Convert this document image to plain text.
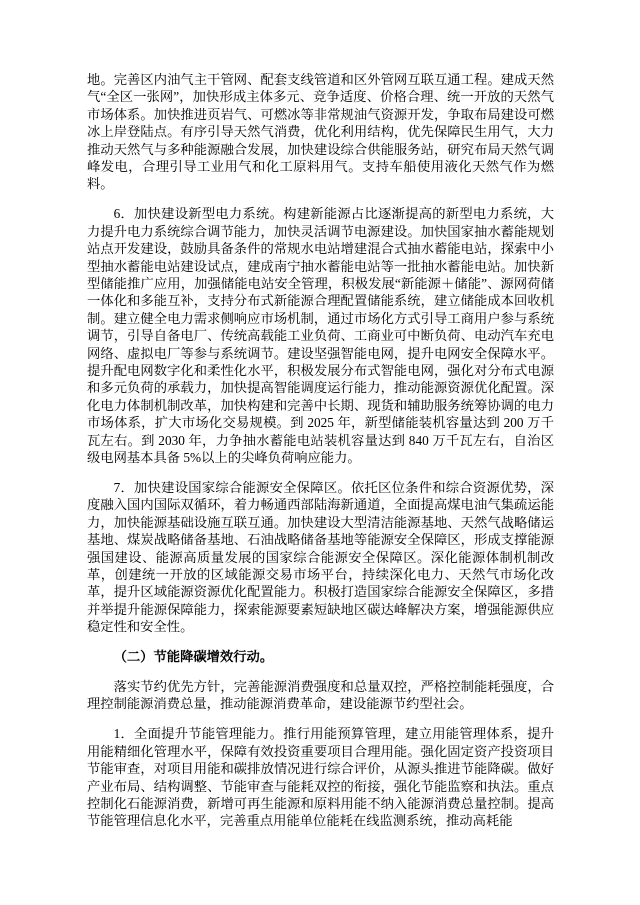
地。完善区内油气主干管网、配套支线管道和区外管网互联互通工程。建成天然气“全区一张网”，加快形成主体多元、竞争适度、价格合理、统一开放的天然气市场体系。加快推进页岩气、可燃冰等非常规油气资源开发，争取布局建设可燃冰上岸登陆点。有序引导天然气消费，优化利用结构，优先保障民生用气，大力推动天然气与多种能源融合发展，加快建设综合供能服务站，研究布局天然气调峰发电，合理引导工业用气和化工原料用气。支持车船使用液化天然气作为燃料。

6．加快建设新型电力系统。构建新能源占比逐渐提高的新型电力系统，大力提升电力系统综合调节能力，加快灵活调节电源建设。加快国家抽水蓄能规划站点开发建设，鼓励具备条件的常规水电站增建混合式抽水蓄能电站，探索中小型抽水蓄能电站建设试点，建成南宁抽水蓄能电站等一批抽水蓄能电站。加快新型储能推广应用，加强储能电站安全管理，积极发展“新能源＋储能”、源网荷储一体化和多能互补，支持分布式新能源合理配置储能系统，建立储能成本回收机制。建立健全电力需求侧响应市场机制，通过市场化方式引导工商用户参与系统调节，引导自备电厂、传统高载能工业负荷、工商业可中断负荷、电动汽车充电网络、虚拟电厂等参与系统调节。建设坚强智能电网，提升电网安全保障水平。提升配电网数字化和柔性化水平，积极发展分布式智能电网，强化对分布式电源和多元负荷的承载力，加快提高智能调度运行能力，推动能源资源优化配置。深化电力体制机制改革，加快构建和完善中长期、现货和辅助服务统筹协调的电力市场体系，扩大市场化交易规模。到 2025 年，新型储能装机容量达到 200 万千瓦左右。到 2030 年，力争抽水蓄能电站装机容量达到 840 万千瓦左右，自治区级电网基本具备 5%以上的尖峰负荷响应能力。

7．加快建设国家综合能源安全保障区。依托区位条件和综合资源优势，深度融入国内国际双循环，着力畅通西部陆海新通道，全面提高煤电油气集疏运能力，加快能源基础设施互联互通。加快建设大型清洁能源基地、天然气战略储运基地、煤炭战略储备基地、石油战略储备基地等能源安全保障区，形成支撑能源强国建设、能源高质量发展的国家综合能源安全保障区。深化能源体制机制改革，创建统一开放的区域能源交易市场平台，持续深化电力、天然气市场化改革，提升区域能源资源优化配置能力。积极打造国家综合能源安全保障区，多措并举提升能源保障能力，探索能源要素短缺地区碳达峰解决方案，增强能源供应稳定性和安全性。

（二）节能降碳增效行动。

落实节约优先方针，完善能源消费强度和总量双控，严格控制能耗强度，合理控制能源消费总量，推动能源消费革命，建设能源节约型社会。

1．全面提升节能管理能力。推行用能预算管理，建立用能管理体系，提升用能精细化管理水平，保障有效投资重要项目合理用能。强化固定资产投资项目节能审查，对项目用能和碳排放情况进行综合评价，从源头推进节能降碳。做好产业布局、结构调整、节能审查与能耗双控的衔接，强化节能监察和执法。重点控制化石能源消费，新增可再生能源和原料用能不纳入能源消费总量控制。提高节能管理信息化水平，完善重点用能单位能耗在线监测系统，推动高耗能
